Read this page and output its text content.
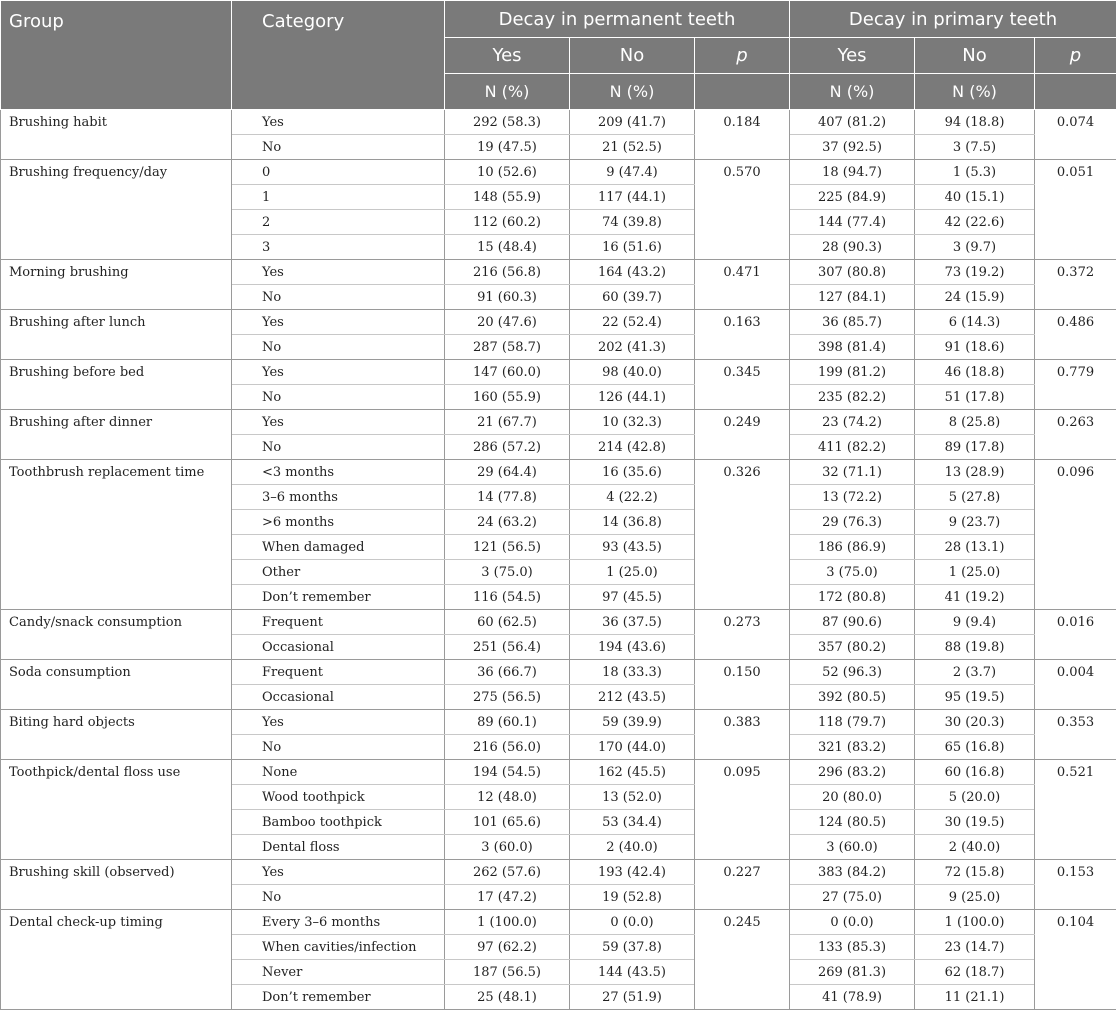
Group	Category	Decay in permanent teeth			Decay in primary teeth		
		Yes	No	p	Yes	No	p
		N (%)	N (%)		N (%)	N (%)	
Brushing habit	Yes	292 (58.3)	209 (41.7)	0.184	407 (81.2)	94 (18.8)	0.074
	No	19 (47.5)	21 (52.5)		37 (92.5)	3 (7.5)	
Brushing frequency/day	0	10 (52.6)	9 (47.4)	0.570	18 (94.7)	1 (5.3)	0.051
	1	148 (55.9)	117 (44.1)		225 (84.9)	40 (15.1)	
	2	112 (60.2)	74 (39.8)		144 (77.4)	42 (22.6)	
	3	15 (48.4)	16 (51.6)		28 (90.3)	3 (9.7)	
Morning brushing	Yes	216 (56.8)	164 (43.2)	0.471	307 (80.8)	73 (19.2)	0.372
	No	91 (60.3)	60 (39.7)		127 (84.1)	24 (15.9)	
Brushing after lunch	Yes	20 (47.6)	22 (52.4)	0.163	36 (85.7)	6 (14.3)	0.486
	No	287 (58.7)	202 (41.3)		398 (81.4)	91 (18.6)	
Brushing before bed	Yes	147 (60.0)	98 (40.0)	0.345	199 (81.2)	46 (18.8)	0.779
	No	160 (55.9)	126 (44.1)		235 (82.2)	51 (17.8)	
Brushing after dinner	Yes	21 (67.7)	10 (32.3)	0.249	23 (74.2)	8 (25.8)	0.263
	No	286 (57.2)	214 (42.8)		411 (82.2)	89 (17.8)	
Toothbrush replacement time	<3 months	29 (64.4)	16 (35.6)	0.326	32 (71.1)	13 (28.9)	0.096
	3–6 months	14 (77.8)	4 (22.2)		13 (72.2)	5 (27.8)	
	>6 months	24 (63.2)	14 (36.8)		29 (76.3)	9 (23.7)	
	When damaged	121 (56.5)	93 (43.5)		186 (86.9)	28 (13.1)	
	Other	3 (75.0)	1 (25.0)		3 (75.0)	1 (25.0)	
	Don’t remember	116 (54.5)	97 (45.5)		172 (80.8)	41 (19.2)	
Candy/snack consumption	Frequent	60 (62.5)	36 (37.5)	0.273	87 (90.6)	9 (9.4)	0.016
	Occasional	251 (56.4)	194 (43.6)		357 (80.2)	88 (19.8)	
Soda consumption	Frequent	36 (66.7)	18 (33.3)	0.150	52 (96.3)	2 (3.7)	0.004
	Occasional	275 (56.5)	212 (43.5)		392 (80.5)	95 (19.5)	
Biting hard objects	Yes	89 (60.1)	59 (39.9)	0.383	118 (79.7)	30 (20.3)	0.353
	No	216 (56.0)	170 (44.0)		321 (83.2)	65 (16.8)	
Toothpick/dental floss use	None	194 (54.5)	162 (45.5)	0.095	296 (83.2)	60 (16.8)	0.521
	Wood toothpick	12 (48.0)	13 (52.0)		20 (80.0)	5 (20.0)	
	Bamboo toothpick	101 (65.6)	53 (34.4)		124 (80.5)	30 (19.5)	
	Dental floss	3 (60.0)	2 (40.0)		3 (60.0)	2 (40.0)	
Brushing skill (observed)	Yes	262 (57.6)	193 (42.4)	0.227	383 (84.2)	72 (15.8)	0.153
	No	17 (47.2)	19 (52.8)		27 (75.0)	9 (25.0)	
Dental check-up timing	Every 3–6 months	1 (100.0)	0 (0.0)	0.245	0 (0.0)	1 (100.0)	0.104
	When cavities/infection	97 (62.2)	59 (37.8)		133 (85.3)	23 (14.7)	
	Never	187 (56.5)	144 (43.5)		269 (81.3)	62 (18.7)	
	Don’t remember	25 (48.1)	27 (51.9)		41 (78.9)	11 (21.1)	
